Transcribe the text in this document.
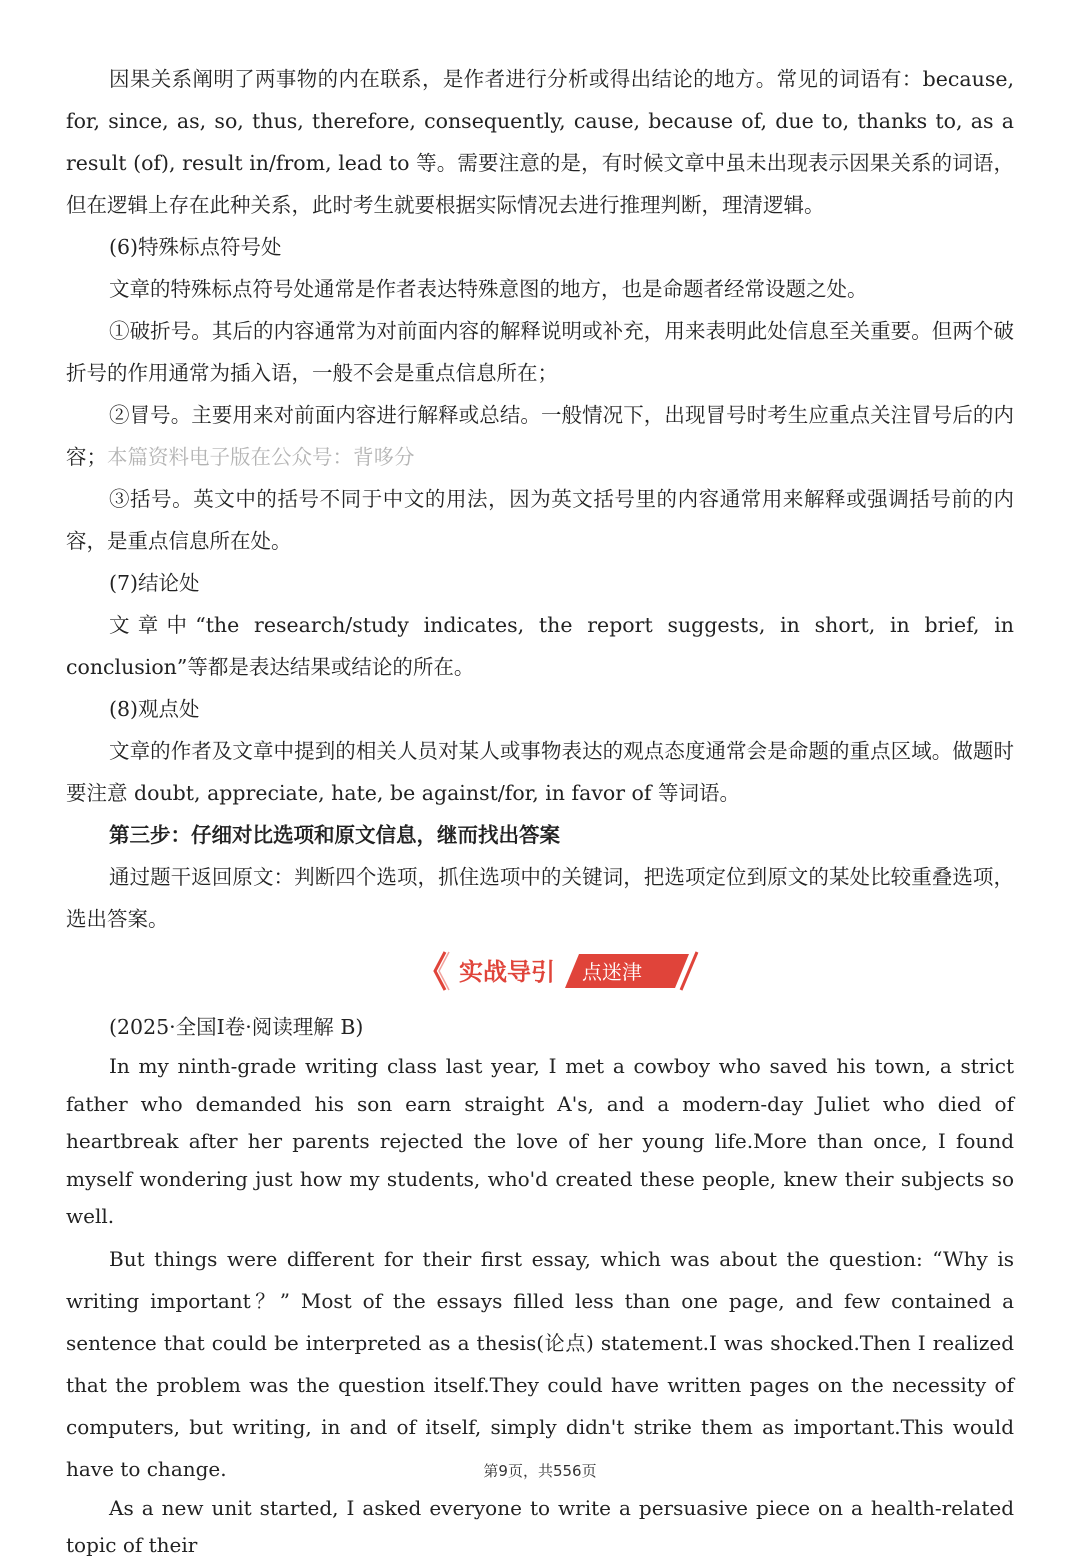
因果关系阐明了两事物的内在联系，是作者进行分析或得出结论的地方。常见的词语有：because, for, since, as, so, thus, therefore, consequently, cause, because of, due to, thanks to, as a result (of), result in/from, lead to 等。需要注意的是，有时候文章中虽未出现表示因果关系的词语，但在逻辑上存在此种关系，此时考生就要根据实际情况去进行推理判断，理清逻辑。

(6)特殊标点符号处

文章的特殊标点符号处通常是作者表达特殊意图的地方，也是命题者经常设题之处。

①破折号。其后的内容通常为对前面内容的解释说明或补充，用来表明此处信息至关重要。但两个破折号的作用通常为插入语，一般不会是重点信息所在；

②冒号。主要用来对前面内容进行解释或总结。一般情况下，出现冒号时考生应重点关注冒号后的内容；本篇资料电子版在公众号：背哆分

③括号。英文中的括号不同于中文的用法，因为英文括号里的内容通常用来解释或强调括号前的内容，是重点信息所在处。

(7)结论处

文章中“the research/study indicates, the report suggests, in short, in brief, in conclusion”等都是表达结果或结论的所在。

(8)观点处

文章的作者及文章中提到的相关人员对某人或事物表达的观点态度通常会是命题的重点区域。做题时要注意 doubt, appreciate, hate, be against/for, in favor of 等词语。

第三步：仔细对比选项和原文信息，继而找出答案

通过题干返回原文：判断四个选项，抓住选项中的关键词，把选项定位到原文的某处比较重叠选项，选出答案。

实战导引 点迷津

(2025·全国Ⅰ卷·阅读理解 B)

In my ninth-grade writing class last year, I met a cowboy who saved his town, a strict father who demanded his son earn straight A's, and a modern-day Juliet who died of heartbreak after her parents rejected the love of her young life.More than once, I found myself wondering just how my students, who'd created these people, knew their subjects so well.

But things were different for their first essay, which was about the question: “Why is writing important？” Most of the essays filled less than one page, and few contained a sentence that could be interpreted as a thesis(论点) statement.I was shocked.Then I realized that the problem was the question itself.They could have written pages on the necessity of computers, but writing, in and of itself, simply didn't strike them as important.This would have to change.

As a new unit started, I asked everyone to write a persuasive piece on a health-related topic of their

第9页，共556页
